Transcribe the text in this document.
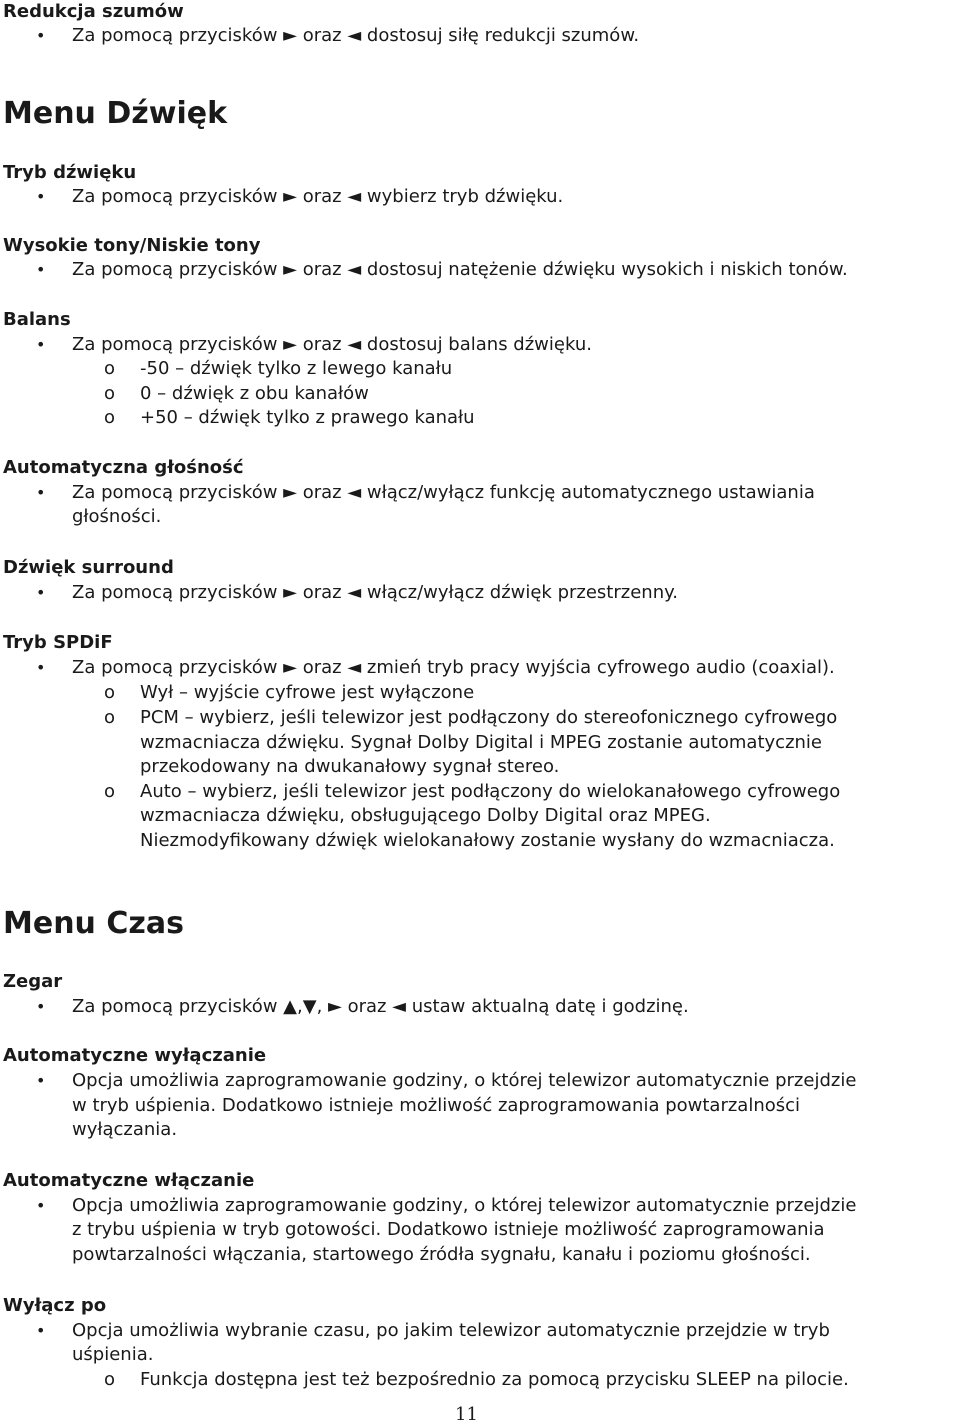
Redukcja szumów
• Za pomocą przycisków ► oraz ◄ dostosuj siłę redukcji szumów.
Menu Dźwięk
Tryb dźwięku
• Za pomocą przycisków ► oraz ◄ wybierz tryb dźwięku.
Wysokie tony/Niskie tony
• Za pomocą przycisków ► oraz ◄ dostosuj natężenie dźwięku wysokich i niskich tonów.
Balans
• Za pomocą przycisków ► oraz ◄ dostosuj balans dźwięku.
o -50 – dźwięk tylko z lewego kanału
o 0 – dźwięk z obu kanałów
o +50 – dźwięk tylko z prawego kanału
Automatyczna głośność
• Za pomocą przycisków ► oraz ◄ włącz/wyłącz funkcję automatycznego ustawiania
głośności.
Dźwięk surround
• Za pomocą przycisków ► oraz ◄ włącz/wyłącz dźwięk przestrzenny.
Tryb SPDiF
• Za pomocą przycisków ► oraz ◄ zmień tryb pracy wyjścia cyfrowego audio (coaxial).
o Wył – wyjście cyfrowe jest wyłączone
o PCM – wybierz, jeśli telewizor jest podłączony do stereofonicznego cyfrowego
wzmacniacza dźwięku. Sygnał Dolby Digital i MPEG zostanie automatycznie
przekodowany na dwukanałowy sygnał stereo.
o Auto – wybierz, jeśli telewizor jest podłączony do wielokanałowego cyfrowego
wzmacniacza dźwięku, obsługującego Dolby Digital oraz MPEG.
Niezmodyfikowany dźwięk wielokanałowy zostanie wysłany do wzmacniacza.
Menu Czas
Zegar
• Za pomocą przycisków ▲,▼, ► oraz ◄ ustaw aktualną datę i godzinę.
Automatyczne wyłączanie
• Opcja umożliwia zaprogramowanie godziny, o której telewizor automatycznie przejdzie
w tryb uśpienia. Dodatkowo istnieje możliwość zaprogramowania powtarzalności
wyłączania.
Automatyczne włączanie
• Opcja umożliwia zaprogramowanie godziny, o której telewizor automatycznie przejdzie
z trybu uśpienia w tryb gotowości. Dodatkowo istnieje możliwość zaprogramowania
powtarzalności włączania, startowego źródła sygnału, kanału i poziomu głośności.
Wyłącz po
• Opcja umożliwia wybranie czasu, po jakim telewizor automatycznie przejdzie w tryb
uśpienia.
o Funkcja dostępna jest też bezpośrednio za pomocą przycisku SLEEP na pilocie.
11
